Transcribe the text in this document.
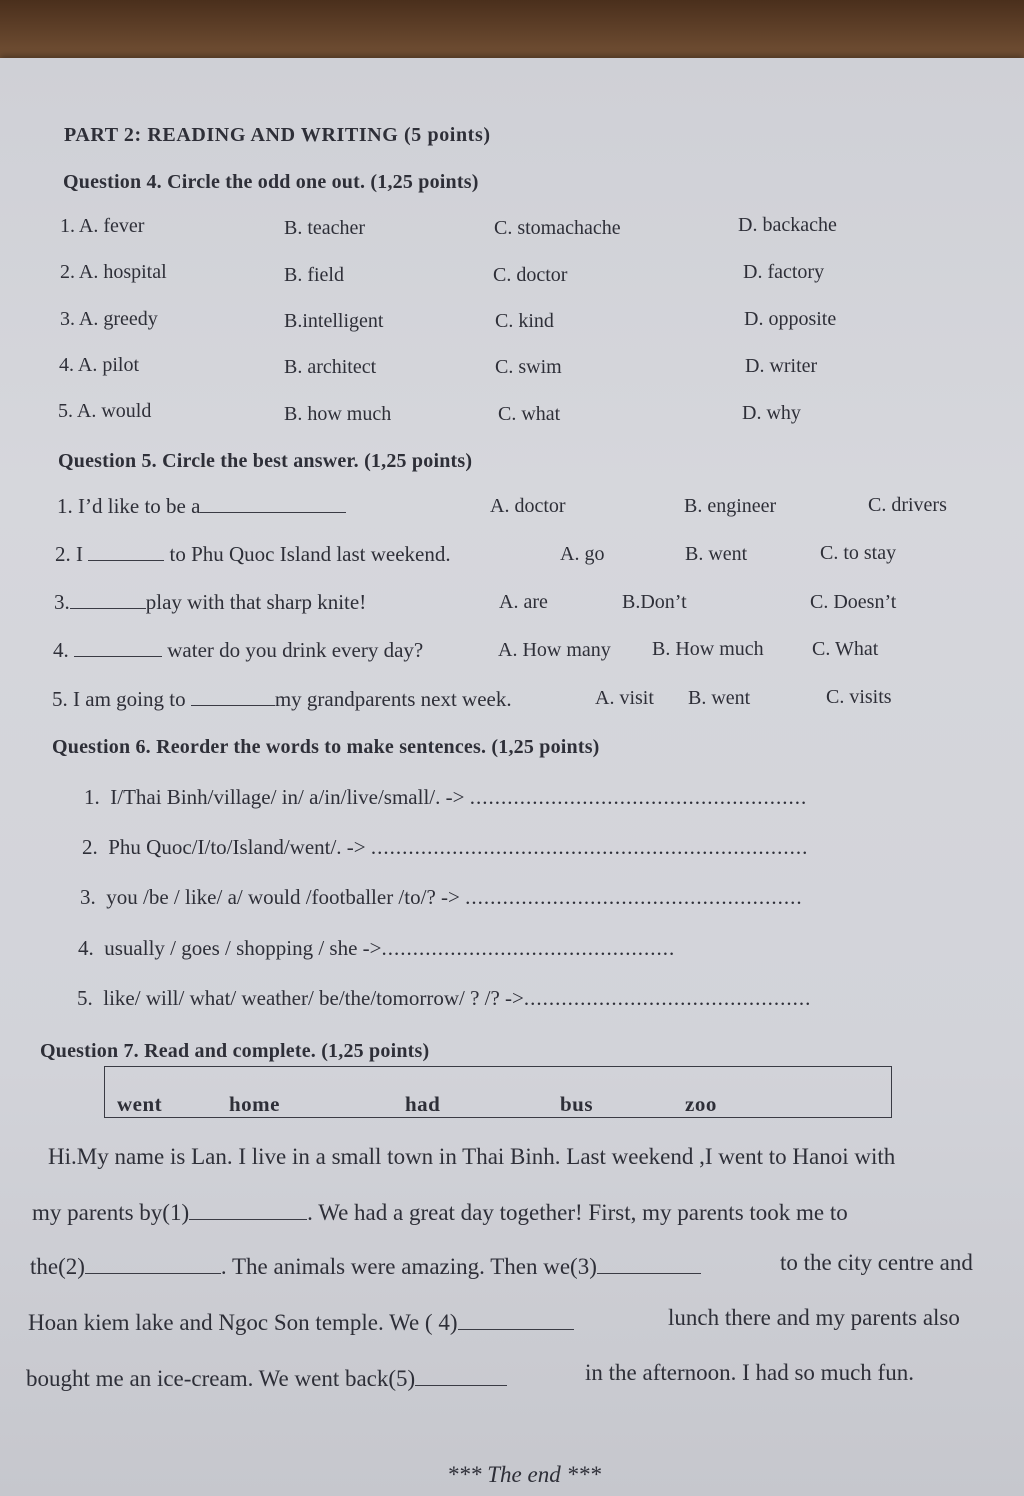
PART 2: READING AND WRITING (5 points)
Question 4. Circle the odd one out. (1,25 points)
1. A. fever	B. teacher	C. stomachache	D. backache
2. A. hospital	B. field	C. doctor	D. factory
3. A. greedy	B.intelligent	C. kind	D. opposite
4. A. pilot	B. architect	C. swim	D. writer
5. A. would	B. how much	C. what	D. why
Question 5. Circle the best answer. (1,25 points)
1. I’d like to be a	A. doctor	B. engineer	C. drivers
2. I	to Phu Quoc Island last weekend.	A. go	B. went	C. to stay
3.	play with that sharp knite!	A. are	B.Don’t	C. Doesn’t
4.	water do you drink every day?	A. How many B. How much C. What
5. I am going to	my grandparents next week.	A. visit B. went	C. visits
Question 6. Reorder the words to make sentences. (1,25 points)
1. I/Thai Binh/village/ in/ a/in/live/small/. -> ......................................................
2. Phu Quoc/I/to/Island/went/. -> ......................................................................
3. you /be / like/ a/ would /footballer /to/? -> ......................................................
4. usually / goes / shopping / she ->...............................................
5. like/ will/ what/ weather/ be/the/tomorrow/ ? /? ->..............................................
Question 7. Read and complete. (1,25 points)
went	home	had	bus	zoo
Hi.My name is Lan. I live in a small town in Thai Binh. Last weekend ,I went to Hanoi with
my parents by(1)	. We had a great day together! First, my parents took me to
the(2)	. The animals were amazing. Then we(3)	to the city centre and
Hoan kiem lake and Ngoc Son temple. We ( 4)	lunch there and my parents also
bought me an ice-cream. We went back(5)	in the afternoon. I had so much fun.
*** The end ***
